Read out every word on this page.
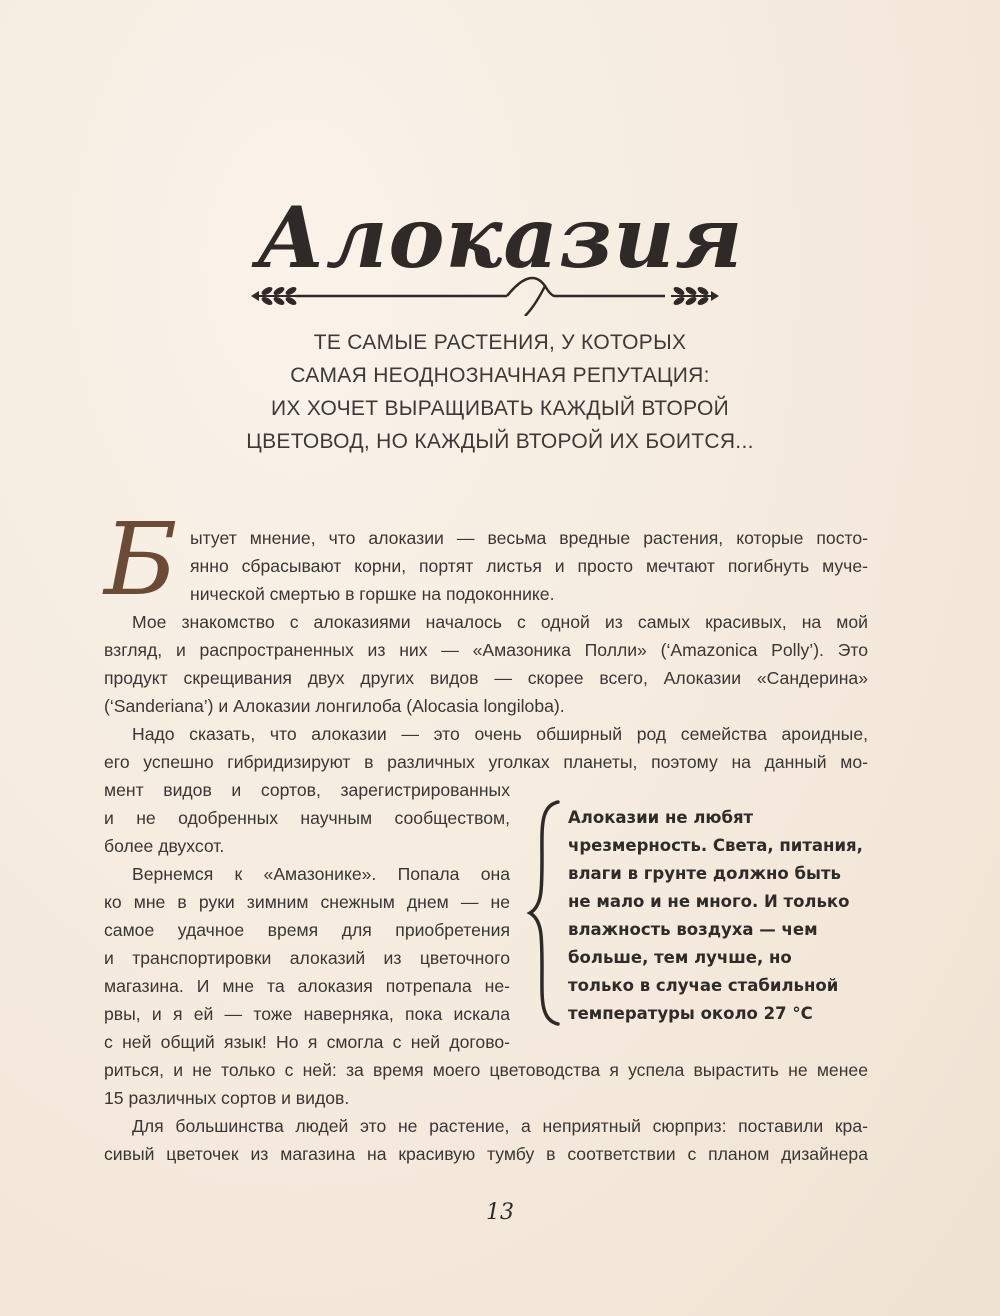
Алоказия
ТЕ САМЫЕ РАСТЕНИЯ, У КОТОРЫХ
САМАЯ НЕОДНОЗНАЧНАЯ РЕПУТАЦИЯ:
ИХ ХОЧЕТ ВЫРАЩИВАТЬ КАЖДЫЙ ВТОРОЙ
ЦВЕТОВОД, НО КАЖДЫЙ ВТОРОЙ ИХ БОИТСЯ...
Б ытует мнение, что алоказии — весьма вредные растения, которые посто-
янно сбрасывают корни, портят листья и просто мечтают погибнуть муче-
нической смертью в горшке на подоконнике.
Мое знакомство с алоказиями началось с одной из самых красивых, на мой
взгляд, и распространенных из них — «Амазоника Полли» (‘Amazonica Polly’). Это
продукт скрещивания двух других видов — скорее всего, Алоказии «Сандерина»
(‘Sanderiana’) и Алоказии лонгилоба (Alocasia longiloba).
Надо сказать, что алоказии — это очень обширный род семейства ароидные,
его успешно гибридизируют в различных уголках планеты, поэтому на данный мо-
мент видов и сортов, зарегистрированных
и не одобренных научным сообществом,
более двухсот.
Вернемся к «Амазонике». Попала она
ко мне в руки зимним снежным днем — не
самое удачное время для приобретения
и транспортировки алоказий из цветочного
магазина. И мне та алоказия потрепала не-
рвы, и я ей — тоже наверняка, пока искала
с ней общий язык! Но я смогла с ней догово-
риться, и не только с ней: за время моего цветоводства я успела вырастить не менее
15 различных сортов и видов.
Для большинства людей это не растение, а неприятный сюрприз: поставили кра-
сивый цветочек из магазина на красивую тумбу в соответствии с планом дизайнера
Алоказии не любят
чрезмерность. Света, питания,
влаги в грунте должно быть
не мало и не много. И только
влажность воздуха — чем
больше, тем лучше, но
только в случае стабильной
температуры около 27 °С
13
